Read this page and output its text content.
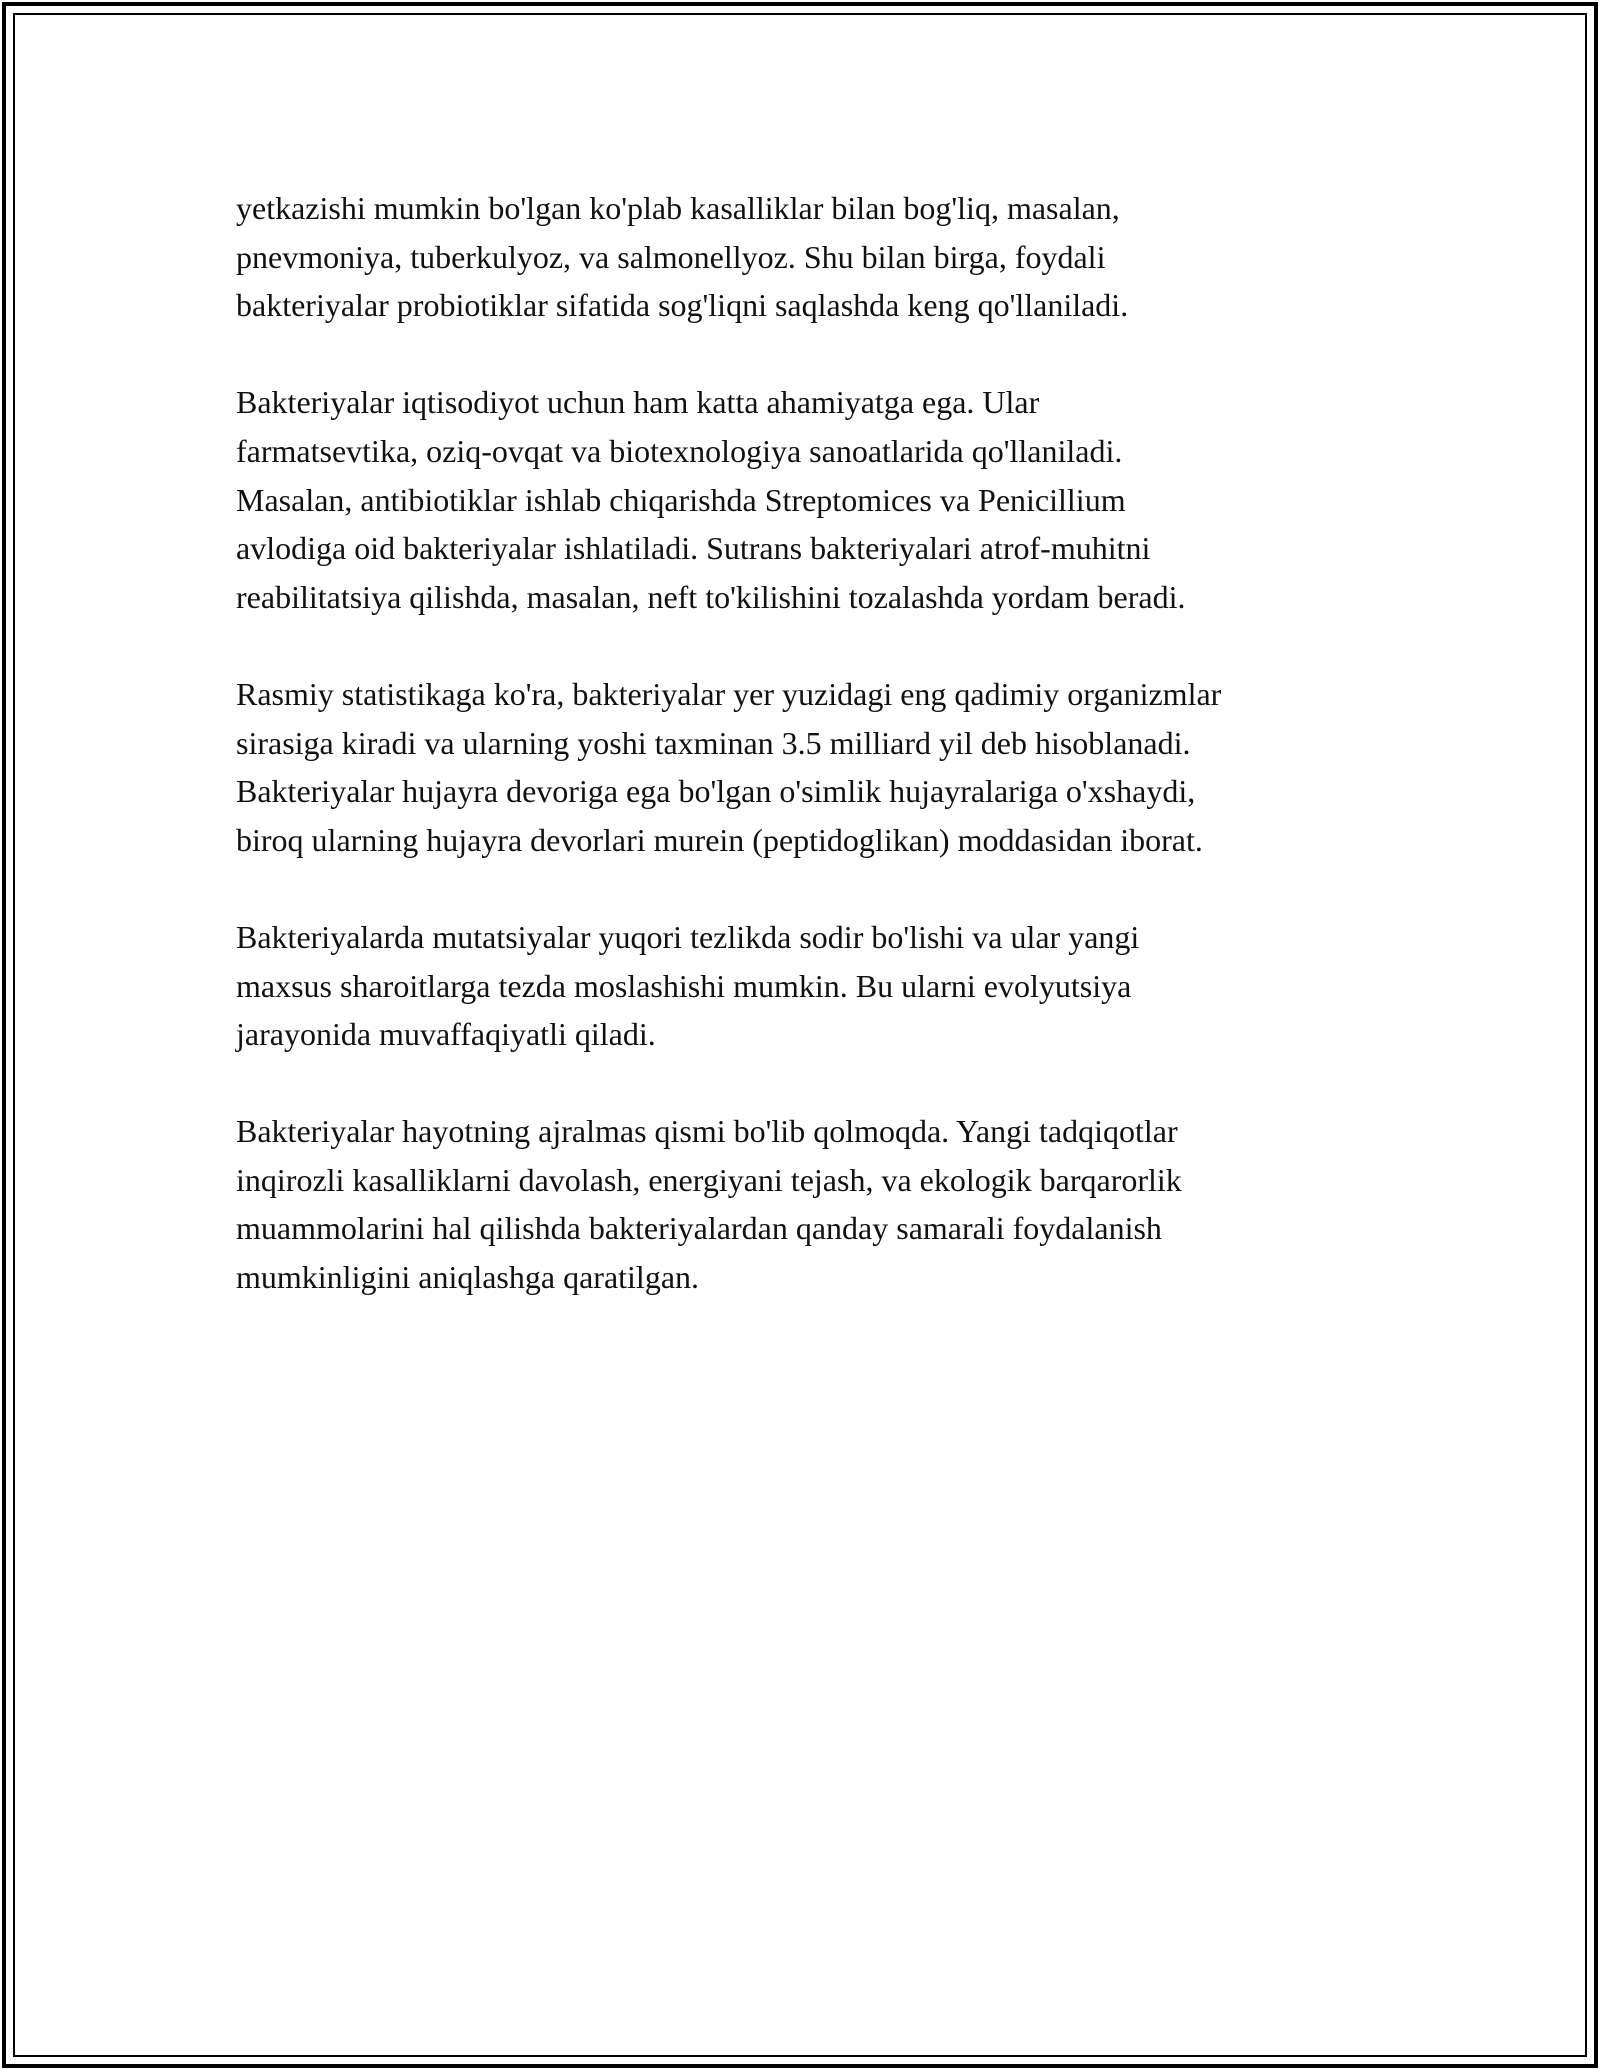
yetkazishi mumkin bo'lgan ko'plab kasalliklar bilan bog'liq, masalan,
pnevmoniya, tuberkulyoz, va salmonellyoz. Shu bilan birga, foydali
bakteriyalar probiotiklar sifatida sog'liqni saqlashda keng qo'llaniladi.

Bakteriyalar iqtisodiyot uchun ham katta ahamiyatga ega. Ular
farmatsevtika, oziq-ovqat va biotexnologiya sanoatlarida qo'llaniladi.
Masalan, antibiotiklar ishlab chiqarishda Streptomices va Penicillium
avlodiga oid bakteriyalar ishlatiladi. Sutrans bakteriyalari atrof-muhitni
reabilitatsiya qilishda, masalan, neft to'kilishini tozalashda yordam beradi.

Rasmiy statistikaga ko'ra, bakteriyalar yer yuzidagi eng qadimiy organizmlar
sirasiga kiradi va ularning yoshi taxminan 3.5 milliard yil deb hisoblanadi.
Bakteriyalar hujayra devoriga ega bo'lgan o'simlik hujayralariga o'xshaydi,
biroq ularning hujayra devorlari murein (peptidoglikan) moddasidan iborat.

Bakteriyalarda mutatsiyalar yuqori tezlikda sodir bo'lishi va ular yangi
maxsus sharoitlarga tezda moslashishi mumkin. Bu ularni evolyutsiya
jarayonida muvaffaqiyatli qiladi.

Bakteriyalar hayotning ajralmas qismi bo'lib qolmoqda. Yangi tadqiqotlar
inqirozli kasalliklarni davolash, energiyani tejash, va ekologik barqarorlik
muammolarini hal qilishda bakteriyalardan qanday samarali foydalanish
mumkinligini aniqlashga qaratilgan.
